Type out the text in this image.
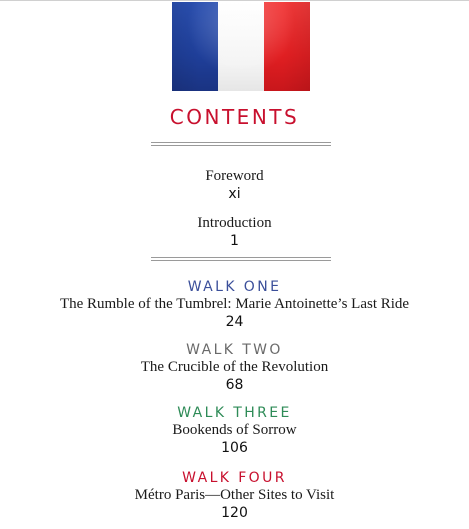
CONTENTS
Foreword
xi
Introduction
1
WALK ONE
The Rumble of the Tumbrel: Marie Antoinette’s Last Ride
24
WALK TWO
The Crucible of the Revolution
68
WALK THREE
Bookends of Sorrow
106
WALK FOUR
Métro Paris—Other Sites to Visit
120
